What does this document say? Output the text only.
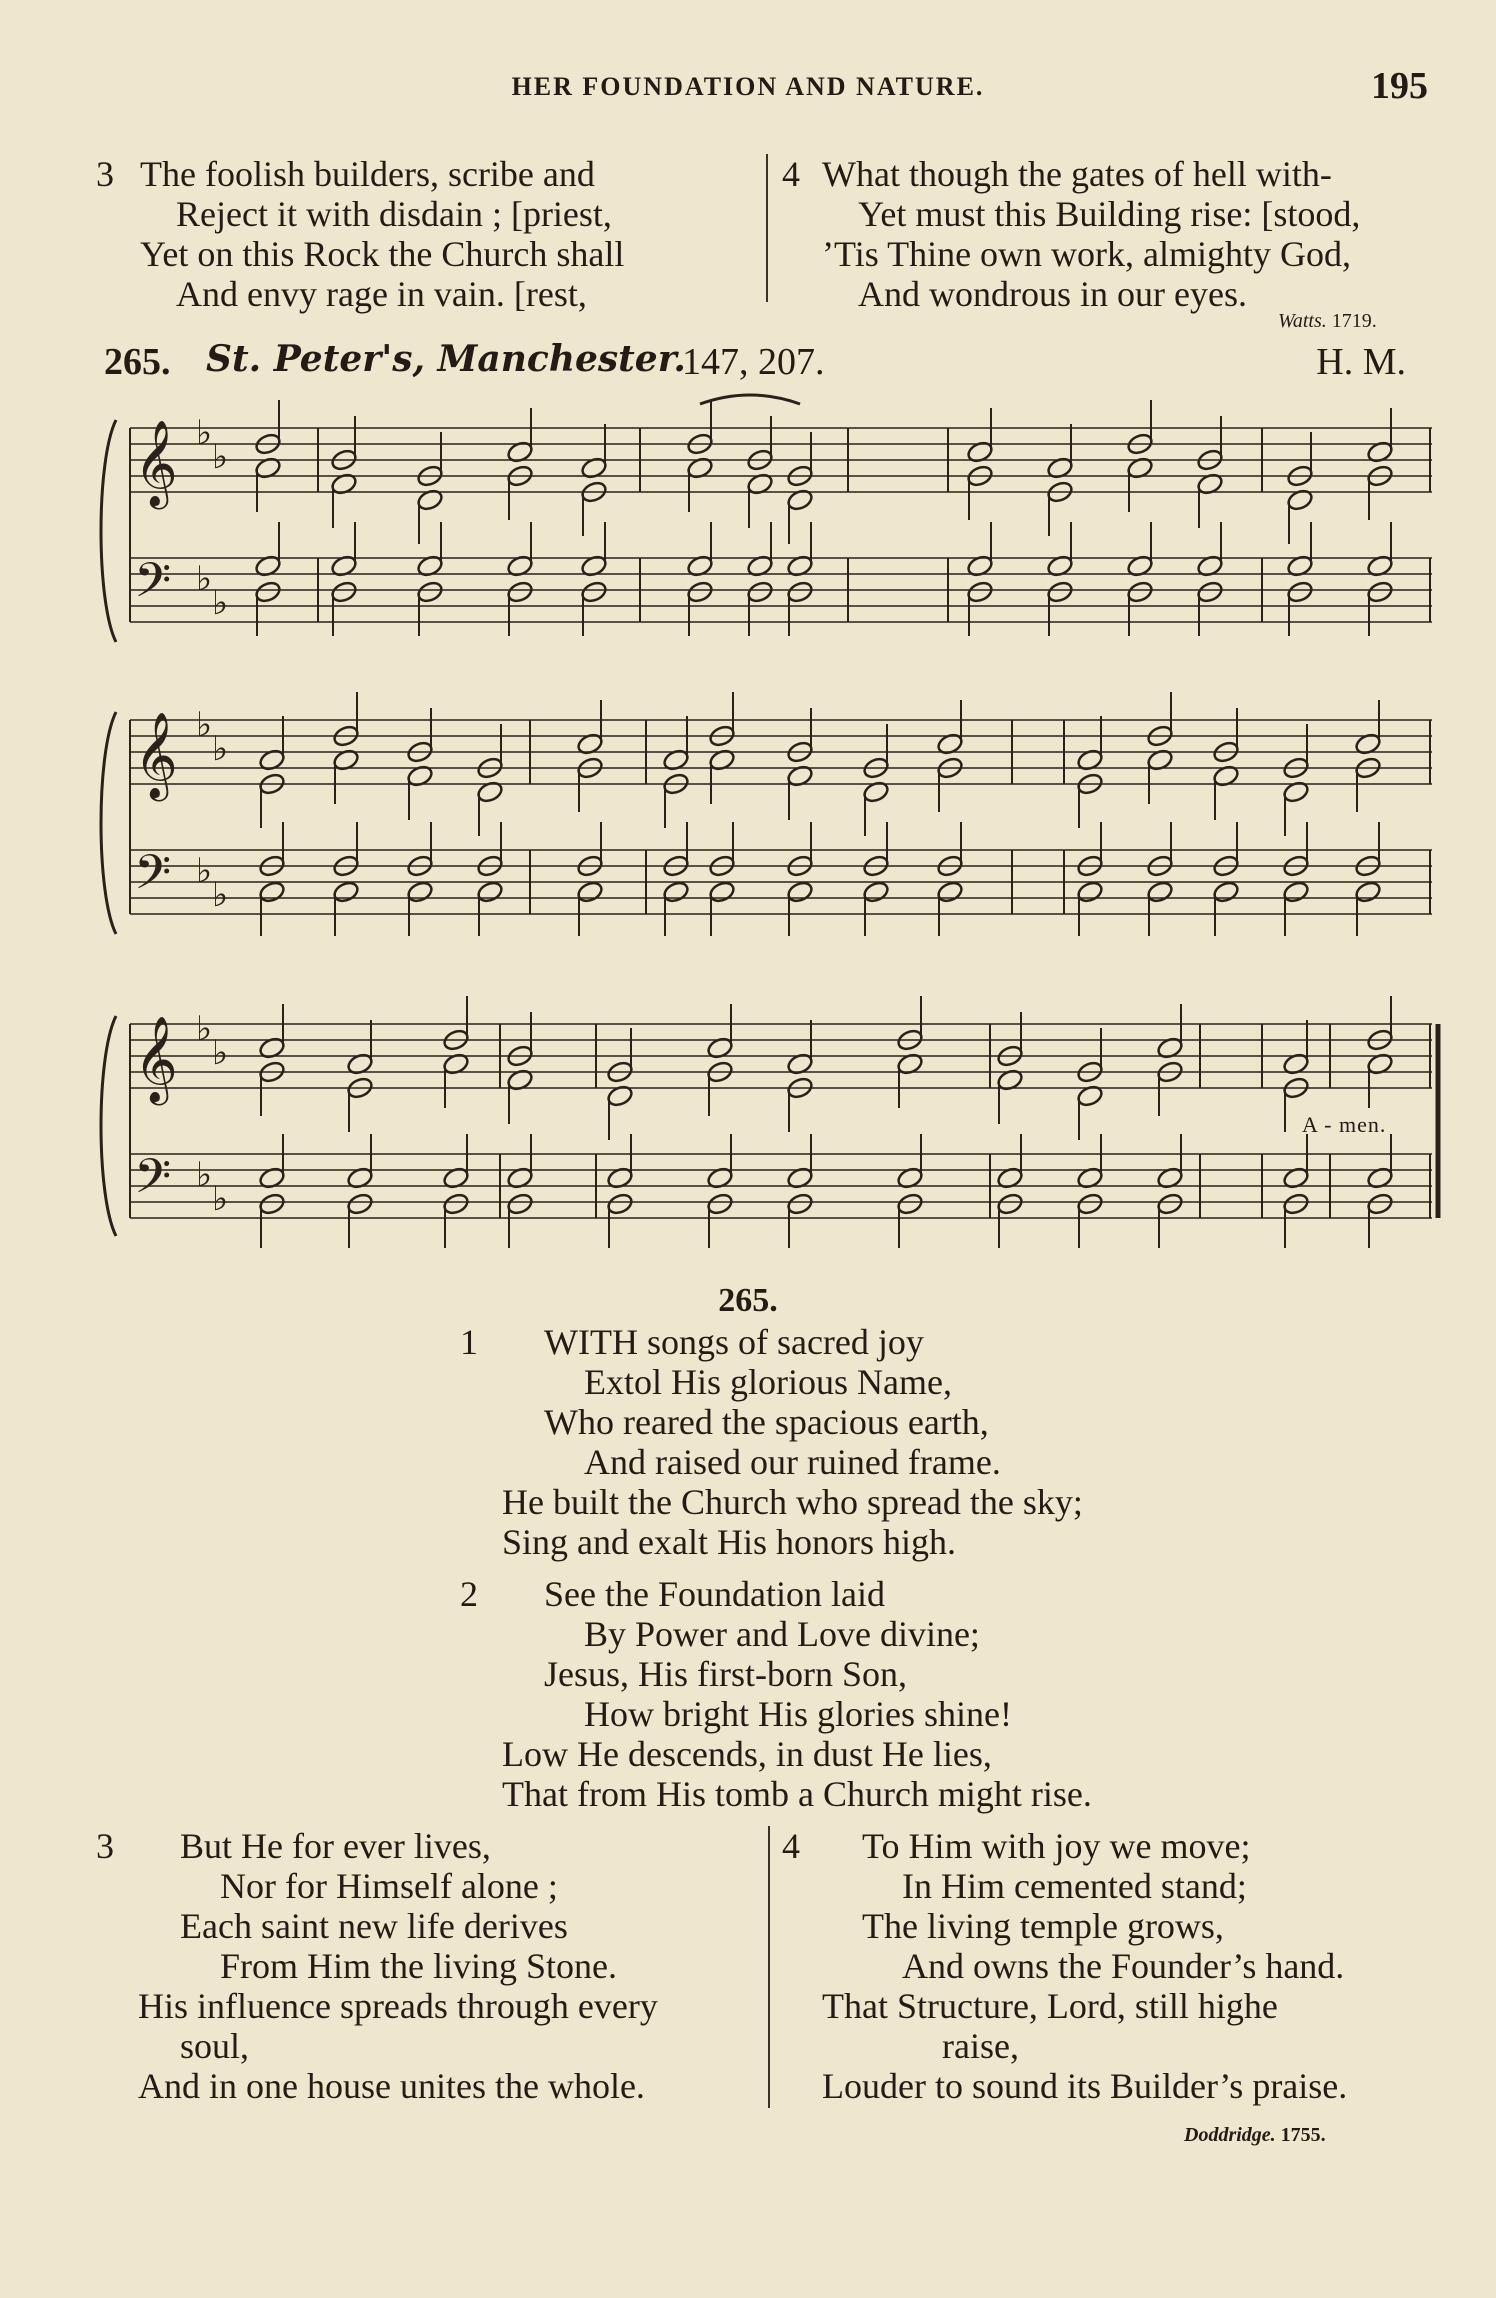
HER FOUNDATION AND NATURE.	195
3 The foolish builders, scribe and
Reject it with disdain ; [priest,
Yet on this Rock the Church shall
And envy rage in vain. [rest,
4 What though the gates of hell with-
Yet must this Building rise: [stood,
’Tis Thine own work, almighty God,
And wondrous in our eyes.
Watts. 1719.
265. St. Peter's, Manchester.
147, 207.	H. M.
𝄞
𝄢
♭
♭
♭
♭
𝄞
𝄢
♭
♭
♭
♭
𝄞
𝄢
♭
♭
♭
♭
A - men.
265.
1	WITH songs of sacred joy
Extol His glorious Name,
Who reared the spacious earth,
And raised our ruined frame.
He built the Church who spread the sky;
Sing and exalt His honors high.
2	See the Foundation laid
By Power and Love divine;
Jesus, His first-born Son,
How bright His glories shine!
Low He descends, in dust He lies,
That from His tomb a Church might rise.
3	But He for ever lives,
Nor for Himself alone ;
Each saint new life derives
From Him the living Stone.
His influence spreads through every
soul,
And in one house unites the whole.
4	To Him with joy we move;
In Him cemented stand;
The living temple grows,
And owns the Founder’s hand.
That Structure, Lord, still highe
raise,
Louder to sound its Builder’s praise.
Doddridge. 1755.
